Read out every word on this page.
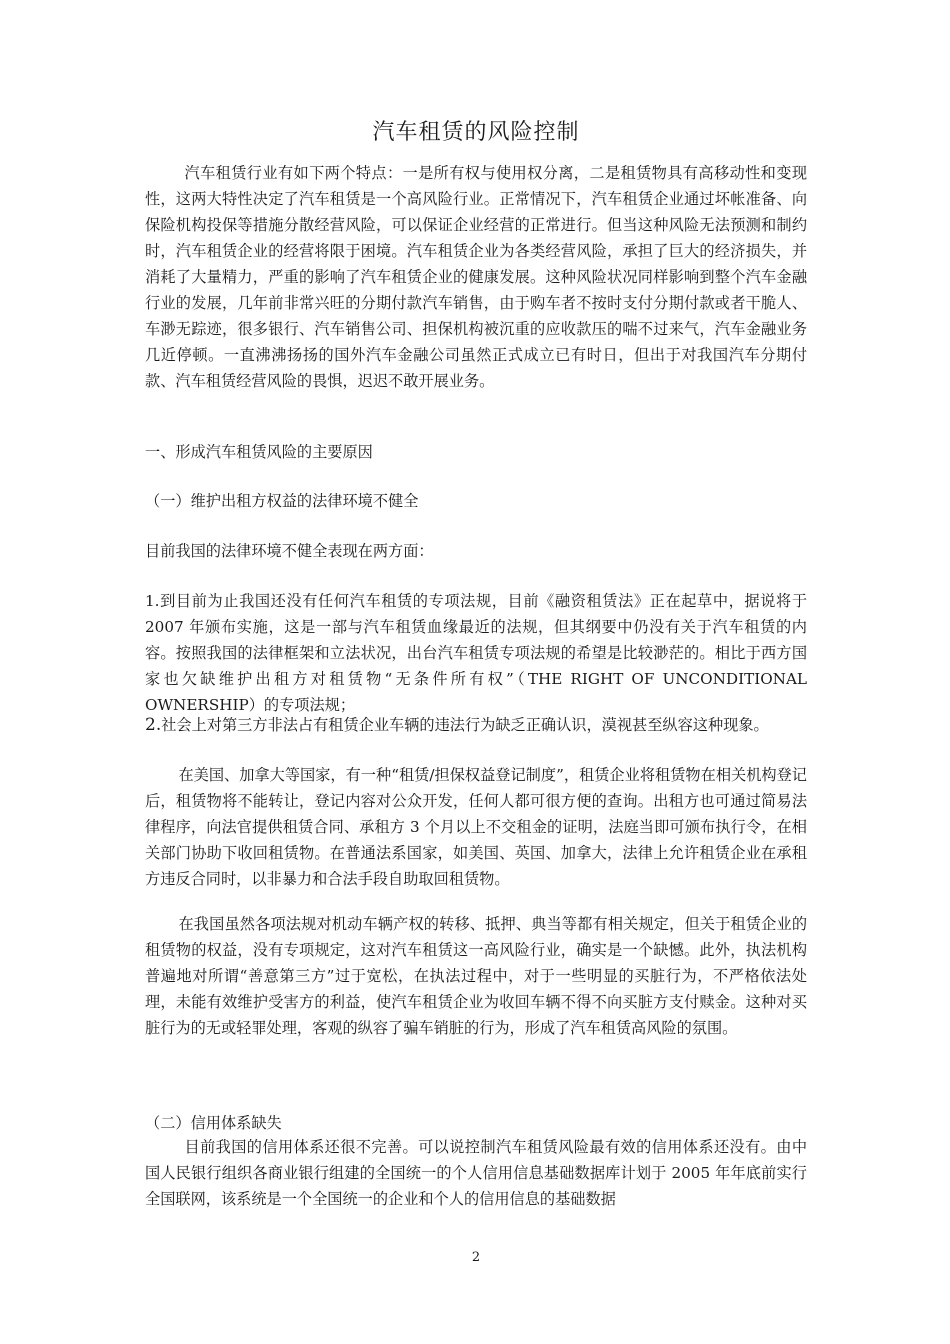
汽车租赁的风险控制

汽车租赁行业有如下两个特点：一是所有权与使用权分离，二是租赁物具有高移动性和变现性，这两大特性决定了汽车租赁是一个高风险行业。正常情况下，汽车租赁企业通过坏帐准备、向保险机构投保等措施分散经营风险，可以保证企业经营的正常进行。但当这种风险无法预测和制约时，汽车租赁企业的经营将限于困境。汽车租赁企业为各类经营风险，承担了巨大的经济损失，并消耗了大量精力，严重的影响了汽车租赁企业的健康发展。这种风险状况同样影响到整个汽车金融行业的发展，几年前非常兴旺的分期付款汽车销售，由于购车者不按时支付分期付款或者干脆人、车渺无踪迹，很多银行、汽车销售公司、担保机构被沉重的应收款压的喘不过来气，汽车金融业务几近停顿。一直沸沸扬扬的国外汽车金融公司虽然正式成立已有时日，但出于对我国汽车分期付款、汽车租赁经营风险的畏惧，迟迟不敢开展业务。

一、形成汽车租赁风险的主要原因

（一）维护出租方权益的法律环境不健全

目前我国的法律环境不健全表现在两方面：

1.到目前为止我国还没有任何汽车租赁的专项法规，目前《融资租赁法》正在起草中，据说将于 2007 年颁布实施，这是一部与汽车租赁血缘最近的法规，但其纲要中仍没有关于汽车租赁的内容。按照我国的法律框架和立法状况，出台汽车租赁专项法规的希望是比较渺茫的。相比于西方国家也欠缺维护出租方对租赁物“无条件所有权”（THE RIGHT OF UNCONDITIONAL OWNERSHIP）的专项法规；

2.社会上对第三方非法占有租赁企业车辆的违法行为缺乏正确认识，漠视甚至纵容这种现象。

在美国、加拿大等国家，有一种“租赁/担保权益登记制度”，租赁企业将租赁物在相关机构登记后，租赁物将不能转让，登记内容对公众开发，任何人都可很方便的查询。出租方也可通过简易法律程序，向法官提供租赁合同、承租方 3 个月以上不交租金的证明，法庭当即可颁布执行令，在相关部门协助下收回租赁物。在普通法系国家，如美国、英国、加拿大，法律上允许租赁企业在承租方违反合同时，以非暴力和合法手段自助取回租赁物。

在我国虽然各项法规对机动车辆产权的转移、抵押、典当等都有相关规定，但关于租赁企业的租赁物的权益，没有专项规定，这对汽车租赁这一高风险行业，确实是一个缺憾。此外，执法机构普遍地对所谓“善意第三方”过于宽松，在执法过程中，对于一些明显的买脏行为，不严格依法处理，未能有效维护受害方的利益，使汽车租赁企业为收回车辆不得不向买脏方支付赎金。这种对买脏行为的无或轻罪处理，客观的纵容了骗车销脏的行为，形成了汽车租赁高风险的氛围。

（二）信用体系缺失

目前我国的信用体系还很不完善。可以说控制汽车租赁风险最有效的信用体系还没有。由中国人民银行组织各商业银行组建的全国统一的个人信用信息基础数据库计划于 2005 年年底前实行全国联网，该系统是一个全国统一的企业和个人的信用信息的基础数据

2
